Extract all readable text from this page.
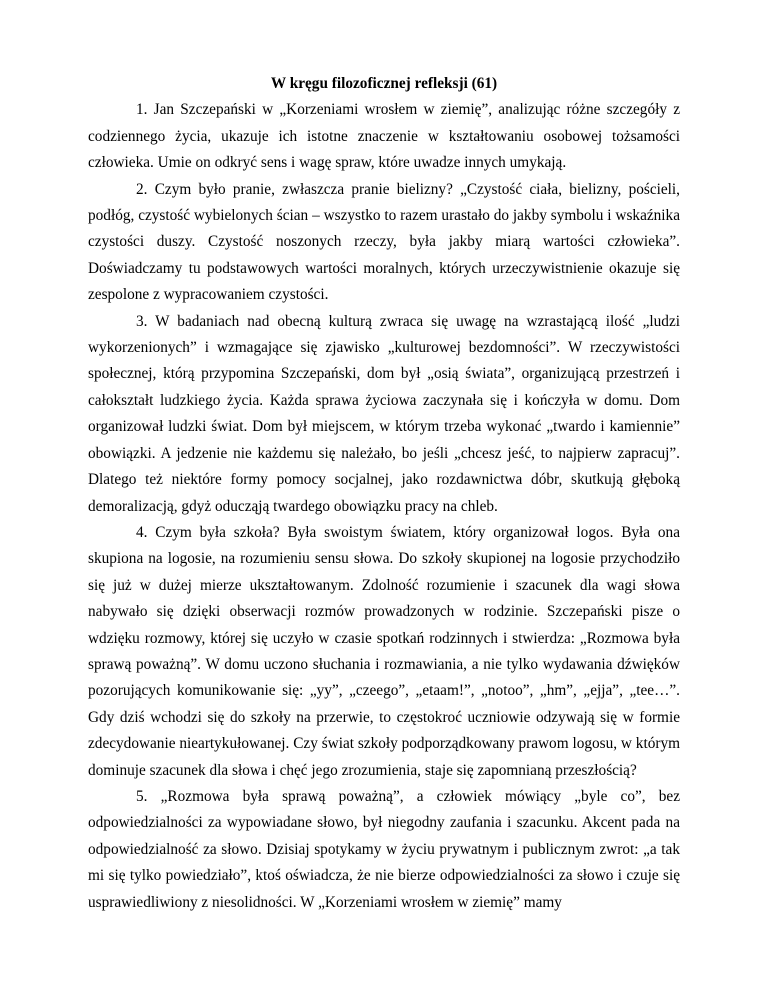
W kręgu filozoficznej refleksji (61)

1. Jan Szczepański w „Korzeniami wrosłem w ziemię”, analizując różne szczegóły z codziennego życia, ukazuje ich istotne znaczenie w kształtowaniu osobowej tożsamości człowieka. Umie on odkryć sens i wagę spraw, które uwadze innych umykają.

2. Czym było pranie, zwłaszcza pranie bielizny? „Czystość ciała, bielizny, pościeli, podłóg, czystość wybielonych ścian – wszystko to razem urastało do jakby symbolu i wskaźnika czystości duszy. Czystość noszonych rzeczy, była jakby miarą wartości człowieka”. Doświadczamy tu podstawowych wartości moralnych, których urzeczywistnienie okazuje się zespolone z wypracowaniem czystości.

3. W badaniach nad obecną kulturą zwraca się uwagę na wzrastającą ilość „ludzi wykorzenionych” i wzmagające się zjawisko „kulturowej bezdomności”. W rzeczywistości społecznej, którą przypomina Szczepański, dom był „osią świata”, organizującą przestrzeń i całokształt ludzkiego życia. Każda sprawa życiowa zaczynała się i kończyła w domu. Dom organizował ludzki świat. Dom był miejscem, w którym trzeba wykonać „twardo i kamiennie” obowiązki. A jedzenie nie każdemu się należało, bo jeśli „chcesz jeść, to najpierw zapracuj”. Dlatego też niektóre formy pomocy socjalnej, jako rozdawnictwa dóbr, skutkują głęboką demoralizacją, gdyż oducząją twardego obowiązku pracy na chleb.

4. Czym była szkoła? Była swoistym światem, który organizował logos. Była ona skupiona na logosie, na rozumieniu sensu słowa. Do szkoły skupionej na logosie przychodziło się już w dużej mierze ukształtowanym. Zdolność rozumienie i szacunek dla wagi słowa nabywało się dzięki obserwacji rozmów prowadzonych w rodzinie. Szczepański pisze o wdzięku rozmowy, której się uczyło w czasie spotkań rodzinnych i stwierdza: „Rozmowa była sprawą poważną”. W domu uczono słuchania i rozmawiania, a nie tylko wydawania dźwięków pozorujących komunikowanie się: „yy”, „czeego”, „etaam!”, „notoo”, „hm”, „ejja”, „tee…”. Gdy dziś wchodzi się do szkoły na przerwie, to częstokroć uczniowie odzywają się w formie zdecydowanie nieartykułowanej. Czy świat szkoły podporządkowany prawom logosu, w którym dominuje szacunek dla słowa i chęć jego zrozumienia, staje się zapomnianą przeszłością?

5. „Rozmowa była sprawą poważną”, a człowiek mówiący „byle co”, bez odpowiedzialności za wypowiadane słowo, był niegodny zaufania i szacunku. Akcent pada na odpowiedzialność za słowo. Dzisiaj spotykamy w życiu prywatnym i publicznym zwrot: „a tak mi się tylko powiedziało”, ktoś oświadcza, że nie bierze odpowiedzialności za słowo i czuje się usprawiedliwiony z niesolidności. W „Korzeniami wrosłem w ziemię” mamy
